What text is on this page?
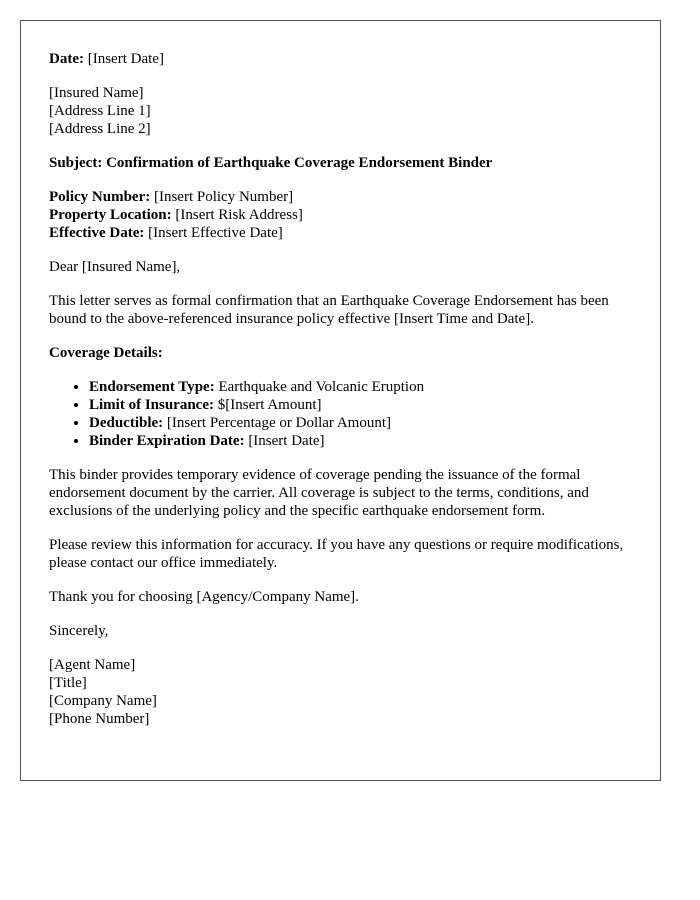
Date: [Insert Date]

[Insured Name]

[Address Line 1]

[Address Line 2]

Subject: Confirmation of Earthquake Coverage Endorsement Binder

Policy Number: [Insert Policy Number]

Property Location: [Insert Risk Address]

Effective Date: [Insert Effective Date]

Dear [Insured Name],

This letter serves as formal confirmation that an Earthquake Coverage Endorsement has been bound to the above-referenced insurance policy effective [Insert Time and Date].

Coverage Details:

• Endorsement Type: Earthquake and Volcanic Eruption
• Limit of Insurance: $[Insert Amount]
• Deductible: [Insert Percentage or Dollar Amount]
• Binder Expiration Date: [Insert Date]

This binder provides temporary evidence of coverage pending the issuance of the formal endorsement document by the carrier. All coverage is subject to the terms, conditions, and exclusions of the underlying policy and the specific earthquake endorsement form.

Please review this information for accuracy. If you have any questions or require modifications, please contact our office immediately.

Thank you for choosing [Agency/Company Name].

Sincerely,

[Agent Name]

[Title]

[Company Name]

[Phone Number]
